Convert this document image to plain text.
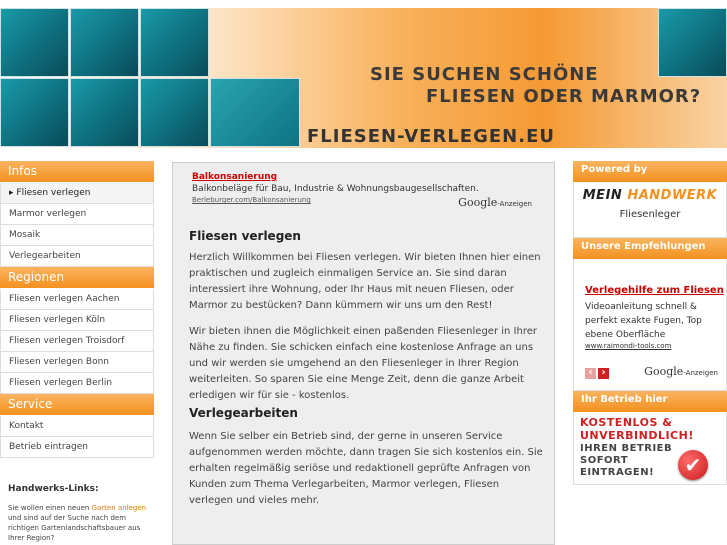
SIE SUCHEN SCHÖNE
FLIESEN ODER MARMOR?
FLIESEN-VERLEGEN.EU
Infos
▸ Fliesen verlegen
Marmor verlegen
Mosaik
Verlegearbeiten
Regionen
Fliesen verlegen Aachen
Fliesen verlegen Köln
Fliesen verlegen Troisdorf
Fliesen verlegen Bonn
Fliesen verlegen Berlin
Service
Kontakt
Betrieb eintragen
Handwerks-Links:
Sie wollen einen neuen Garten anlegen und sind auf der Suche nach dem richtigen Gartenlandschaftsbauer aus Ihrer Region?
Balkonsanierung
Balkonbeläge für Bau, Industrie & Wohnungsbaugesellschaften.
Berleburger.com/Balkonsanierung	Google-Anzeigen
Fliesen verlegen
Herzlich Willkommen bei Fliesen verlegen. Wir bieten Ihnen hier einen praktischen und zugleich einmaligen Service an. Sie sind daran interessiert ihre Wohnung, oder Ihr Haus mit neuen Fliesen, oder Marmor zu bestücken? Dann kümmern wir uns um den Rest!
Wir bieten ihnen die Möglichkeit einen paßenden Fliesenleger in Ihrer Nähe zu finden. Sie schicken einfach eine kostenlose Anfrage an uns und wir werden sie umgehend an den Fliesenleger in Ihrer Region weiterleiten. So sparen Sie eine Menge Zeit, denn die ganze Arbeit erledigen wir für sie - kostenlos.
Verlegearbeiten
Wenn Sie selber ein Betrieb sind, der gerne in unseren Service aufgenommen werden möchte, dann tragen Sie sich kostenlos ein. Sie erhalten regelmäßig seriöse und redaktionell geprüfte Anfragen von Kunden zum Thema Verlegarbeiten, Marmor verlegen, Fliesen verlegen und vieles mehr.
Powered by
MEIN HANDWERK
Fliesenleger
Unsere Empfehlungen
Verlegehilfe zum Fliesen
Videoanleitung schnell & perfekt exakte Fugen, Top ebene Oberfläche
www.raimondi-tools.com
‹ ›	Google-Anzeigen
Ihr Betrieb hier
KOSTENLOS &
UNVERBINDLICH!
IHREN BETRIEB
SOFORT
EINTRAGEN!	✔
